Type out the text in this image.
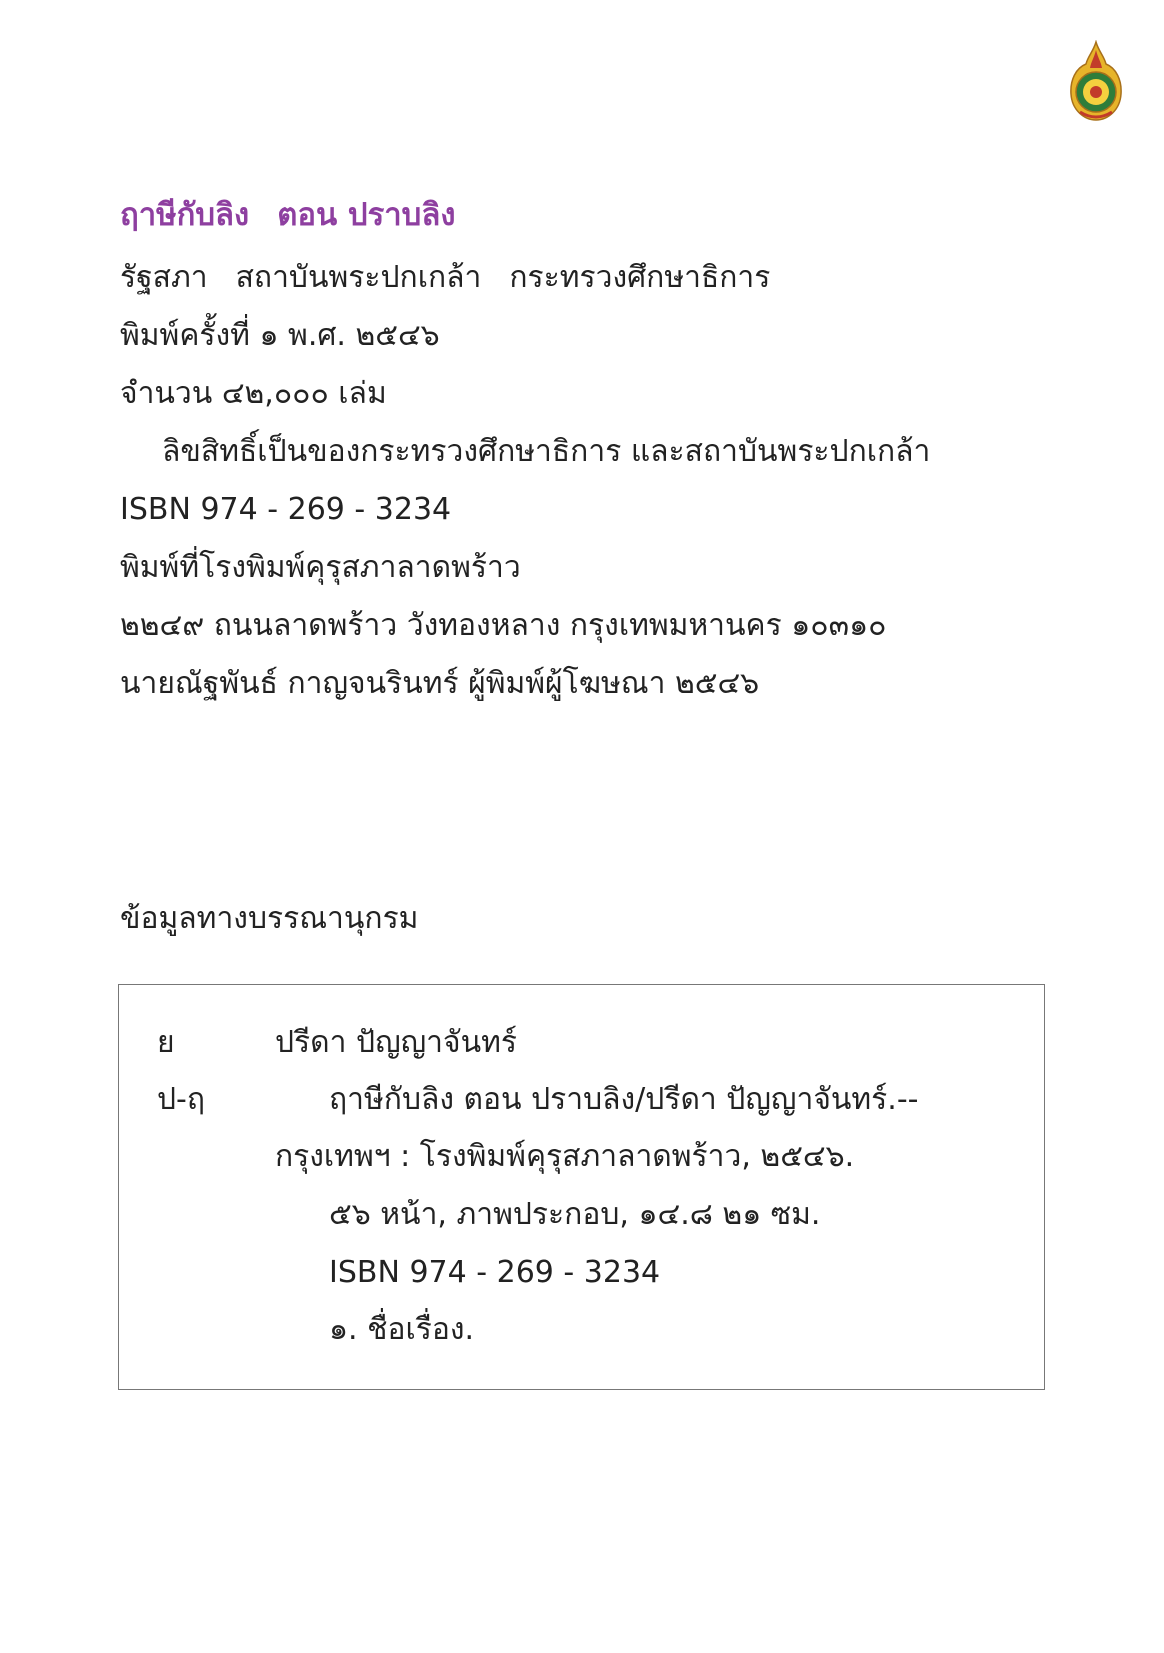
ฤาษีกับลิง ตอน ปราบลิง
รัฐสภา สถาบันพระปกเกล้า กระทรวงศึกษาธิการ
พิมพ์ครั้งที่ ๑ พ.ศ. ๒๕๔๖
จำนวน ๔๒,๐๐๐ เล่ม
ลิขสิทธิ์เป็นของกระทรวงศึกษาธิการ และสถาบันพระปกเกล้า
ISBN 974 - 269 - 3234
พิมพ์ที่โรงพิมพ์คุรุสภาลาดพร้าว
๒๒๔๙ ถนนลาดพร้าว วังทองหลาง กรุงเทพมหานคร ๑๐๓๑๐
นายณัฐพันธ์ กาญจนรินทร์ ผู้พิมพ์ผู้โฆษณา ๒๕๔๖
ข้อมูลทางบรรณานุกรม
ย	ปรีดา ปัญญาจันทร์
ป-ฤ	ฤาษีกับลิง ตอน ปราบลิง/ปรีดา ปัญญาจันทร์.--
กรุงเทพฯ : โรงพิมพ์คุรุสภาลาดพร้าว, ๒๕๔๖.
๕๖ หน้า, ภาพประกอบ, ๑๔.๘ ๒๑ ซม.
ISBN 974 - 269 - 3234
๑. ชื่อเรื่อง.
